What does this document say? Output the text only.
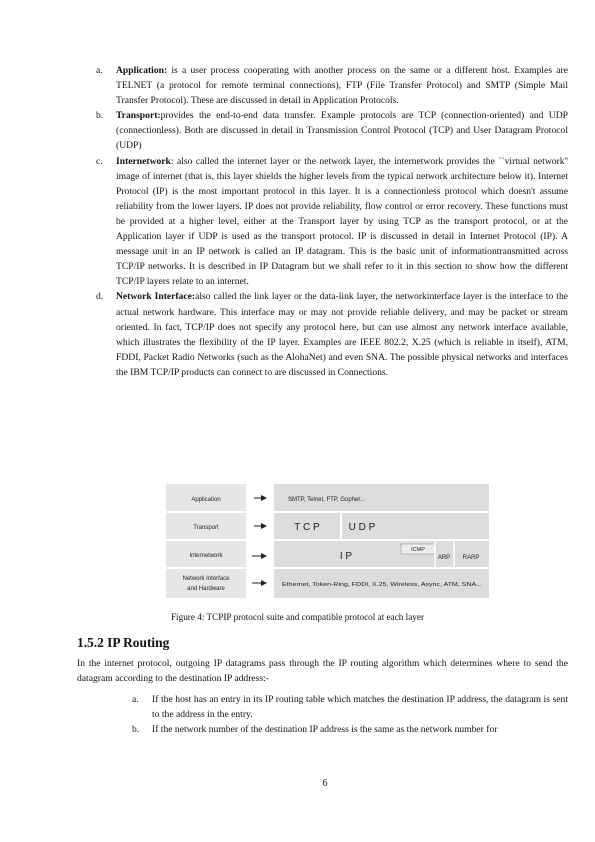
a. Application: is a user process cooperating with another process on the same or a different host. Examples are TELNET (a protocol for remote terminal connections), FTP (File Transfer Protocol) and SMTP (Simple Mail Transfer Protocol). These are discussed in detail in Application Protocols.
b. Transport:provides the end-to-end data transfer. Example protocols are TCP (connection-oriented) and UDP (connectionless). Both are discussed in detail in Transmission Control Protocol (TCP) and User Datagram Protocol (UDP)
c. Internetwork: also called the internet layer or the network layer, the internetwork provides the ``virtual network'' image of internet (that is, this layer shields the higher levels from the typical network architecture below it). Internet Protocol (IP) is the most important protocol in this layer. It is a connectionless protocol which doesn't assume reliability from the lower layers. IP does not provide reliability, flow control or error recovery. These functions must be provided at a higher level, either at the Transport layer by using TCP as the transport protocol, or at the Application layer if UDP is used as the transport protocol. IP is discussed in detail in Internet Protocol (IP). A message unit in an IP network is called an IP datagram. This is the basic unit of informationtransmitted across TCP/IP networks. It is described in IP Datagram but we shall refer to it in this section to show how the different TCP/IP layers relate to an internet.
d. Network Interface:also called the link layer or the data-link layer, the networkinterface layer is the interface to the actual network hardware. This interface may or may not provide reliable delivery, and may be packet or stream oriented. In fact, TCP/IP does not specify any protocol here, but can use almost any network interface available, which illustrates the flexibility of the IP layer. Examples are IEEE 802.2, X.25 (which is reliable in itself), ATM, FDDI, Packet Radio Networks (such as the AlohaNet) and even SNA. The possible physical networks and interfaces the IBM TCP/IP products can connect to are discussed in Connections.
Application
Transport
Internetwork
Network Interface
and Hardware
SMTP, Telnet, FTP, Gopher...
T C P	U D P
I P
ICMP
ARP RARP
Ethernet, Token-Ring, FDDI, X.25, Wireless, Async, ATM, SNA...
Figure 4: TCPIP protocol suite and compatible protocol at each layer
1.5.2 IP Routing

In the internet protocol, outgoing IP datagrams pass through the IP routing algorithm which determines where to send the datagram according to the destination IP address:-

a. If the host has an entry in its IP routing table which matches the destination IP address, the datagram is sent to the address in the entry.
b. If the network number of the destination IP address is the same as the network number for
6
